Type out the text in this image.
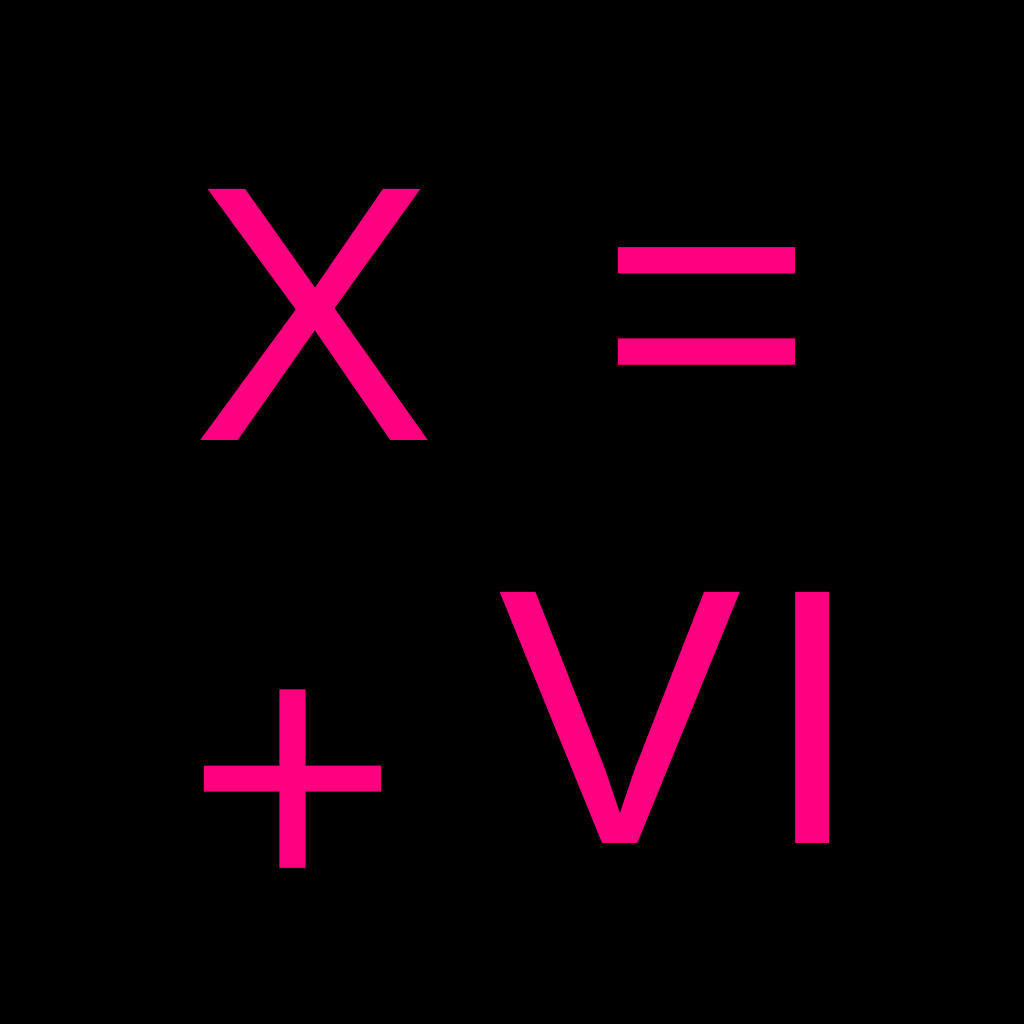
X =
+ VI
